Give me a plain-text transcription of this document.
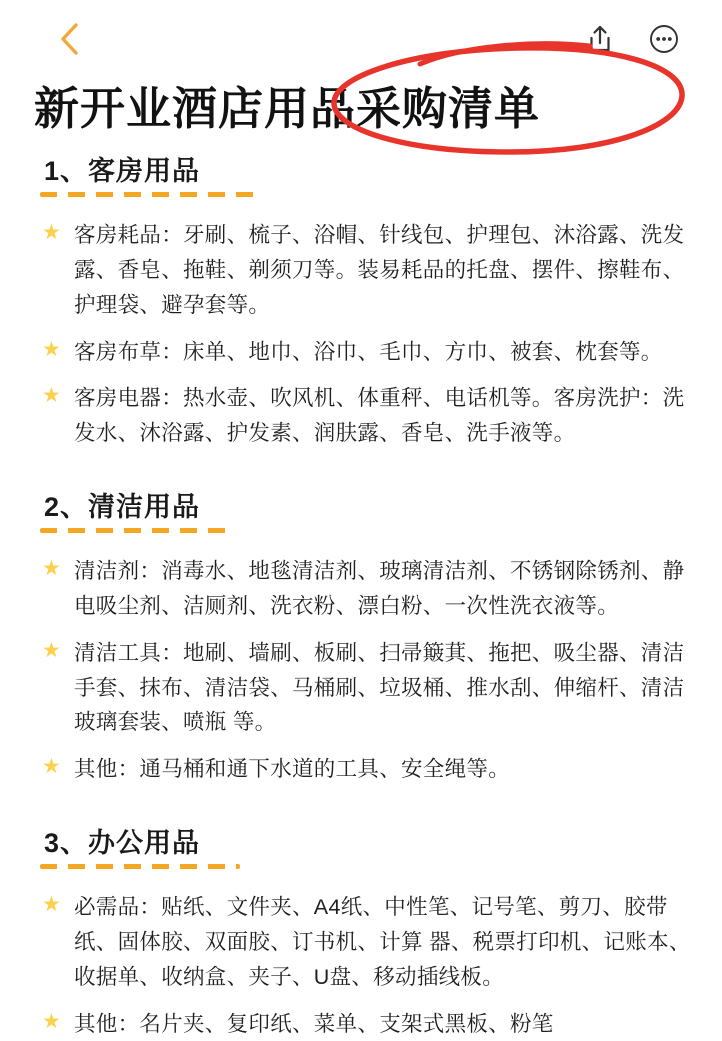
新开业酒店用品采购清单
1、客房用品
★ 客房耗品：牙刷、梳子、浴帽、针线包、护理包、沐浴露、洗发露、香皂、拖鞋、剃须刀等。装易耗品的托盘、摆件、擦鞋布、护理袋、避孕套等。
★ 客房布草：床单、地巾、浴巾、毛巾、方巾、被套、枕套等。
★ 客房电器：热水壶、吹风机、体重秤、电话机等。客房洗护：洗发水、沐浴露、护发素、润肤露、香皂、洗手液等。
2、清洁用品
★ 清洁剂：消毒水、地毯清洁剂、玻璃清洁剂、不锈钢除锈剂、静电吸尘剂、洁厕剂、洗衣粉、漂白粉、一次性洗衣液等。
★ 清洁工具：地刷、墙刷、板刷、扫帚簸萁、拖把、吸尘器、清洁手套、抹布、清洁袋、马桶刷、垃圾桶、推水刮、伸缩杆、清洁玻璃套装、喷瓶 等。
★ 其他：通马桶和通下水道的工具、安全绳等。
3、办公用品
★ 必需品：贴纸、文件夹、A4纸、中性笔、记号笔、剪刀、胶带纸、固体胶、双面胶、订书机、计算 器、税票打印机、记账本、收据单、收纳盒、夹子、U盘、移动插线板。
★ 其他：名片夹、复印纸、菜单、支架式黑板、粉笔
